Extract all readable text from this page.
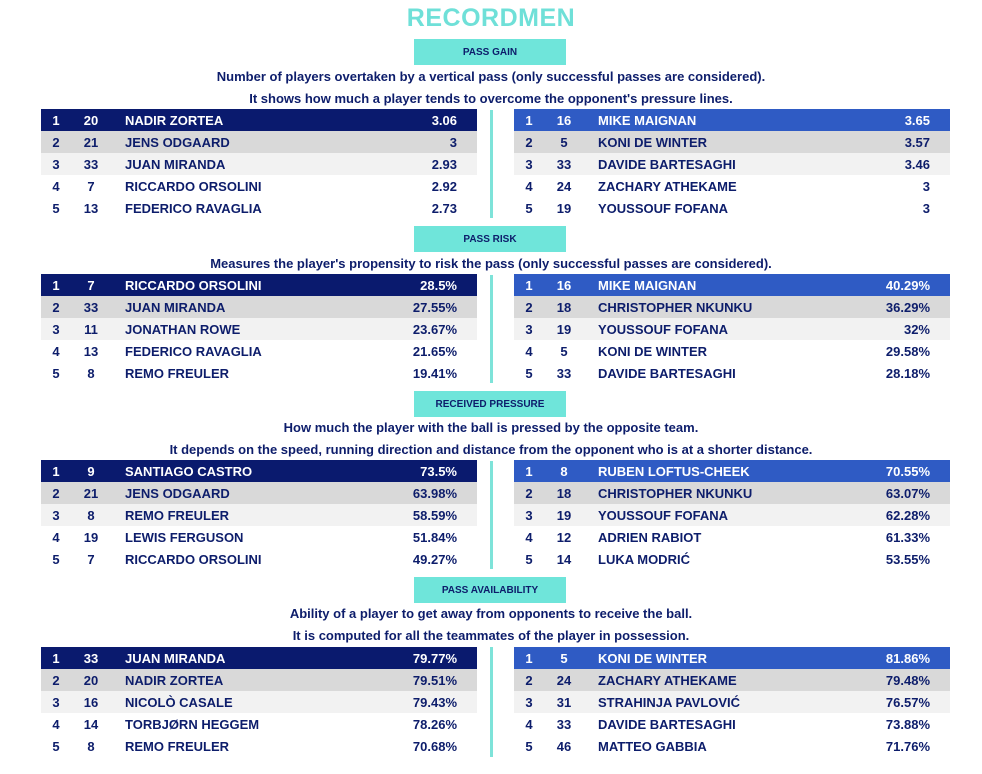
RECORDMEN
PASS GAIN
Number of players overtaken by a vertical pass (only successful passes are considered).
It shows how much a player tends to overcome the opponent's pressure lines.
1	20	NADIR ZORTEA	3.06
2	21	JENS ODGAARD	3
3	33	JUAN MIRANDA	2.93
4	7	RICCARDO ORSOLINI	2.92
5	13	FEDERICO RAVAGLIA	2.73
1	16	MIKE MAIGNAN	3.65
2	5	KONI DE WINTER	3.57
3	33	DAVIDE BARTESAGHI	3.46
4	24	ZACHARY ATHEKAME	3
5	19	YOUSSOUF FOFANA	3
PASS RISK
Measures the player's propensity to risk the pass (only successful passes are considered).
1	7	RICCARDO ORSOLINI	28.5%
2	33	JUAN MIRANDA	27.55%
3	11	JONATHAN ROWE	23.67%
4	13	FEDERICO RAVAGLIA	21.65%
5	8	REMO FREULER	19.41%
1	16	MIKE MAIGNAN	40.29%
2	18	CHRISTOPHER NKUNKU	36.29%
3	19	YOUSSOUF FOFANA	32%
4	5	KONI DE WINTER	29.58%
5	33	DAVIDE BARTESAGHI	28.18%
RECEIVED PRESSURE
How much the player with the ball is pressed by the opposite team.
It depends on the speed, running direction and distance from the opponent who is at a shorter distance.
1	9	SANTIAGO CASTRO	73.5%
2	21	JENS ODGAARD	63.98%
3	8	REMO FREULER	58.59%
4	19	LEWIS FERGUSON	51.84%
5	7	RICCARDO ORSOLINI	49.27%
1	8	RUBEN LOFTUS-CHEEK	70.55%
2	18	CHRISTOPHER NKUNKU	63.07%
3	19	YOUSSOUF FOFANA	62.28%
4	12	ADRIEN RABIOT	61.33%
5	14	LUKA MODRIĆ	53.55%
PASS AVAILABILITY
Ability of a player to get away from opponents to receive the ball.
It is computed for all the teammates of the player in possession.
1	33	JUAN MIRANDA	79.77%
2	20	NADIR ZORTEA	79.51%
3	16	NICOLÒ CASALE	79.43%
4	14	TORBJØRN HEGGEM	78.26%
5	8	REMO FREULER	70.68%
1	5	KONI DE WINTER	81.86%
2	24	ZACHARY ATHEKAME	79.48%
3	31	STRAHINJA PAVLOVIĆ	76.57%
4	33	DAVIDE BARTESAGHI	73.88%
5	46	MATTEO GABBIA	71.76%
